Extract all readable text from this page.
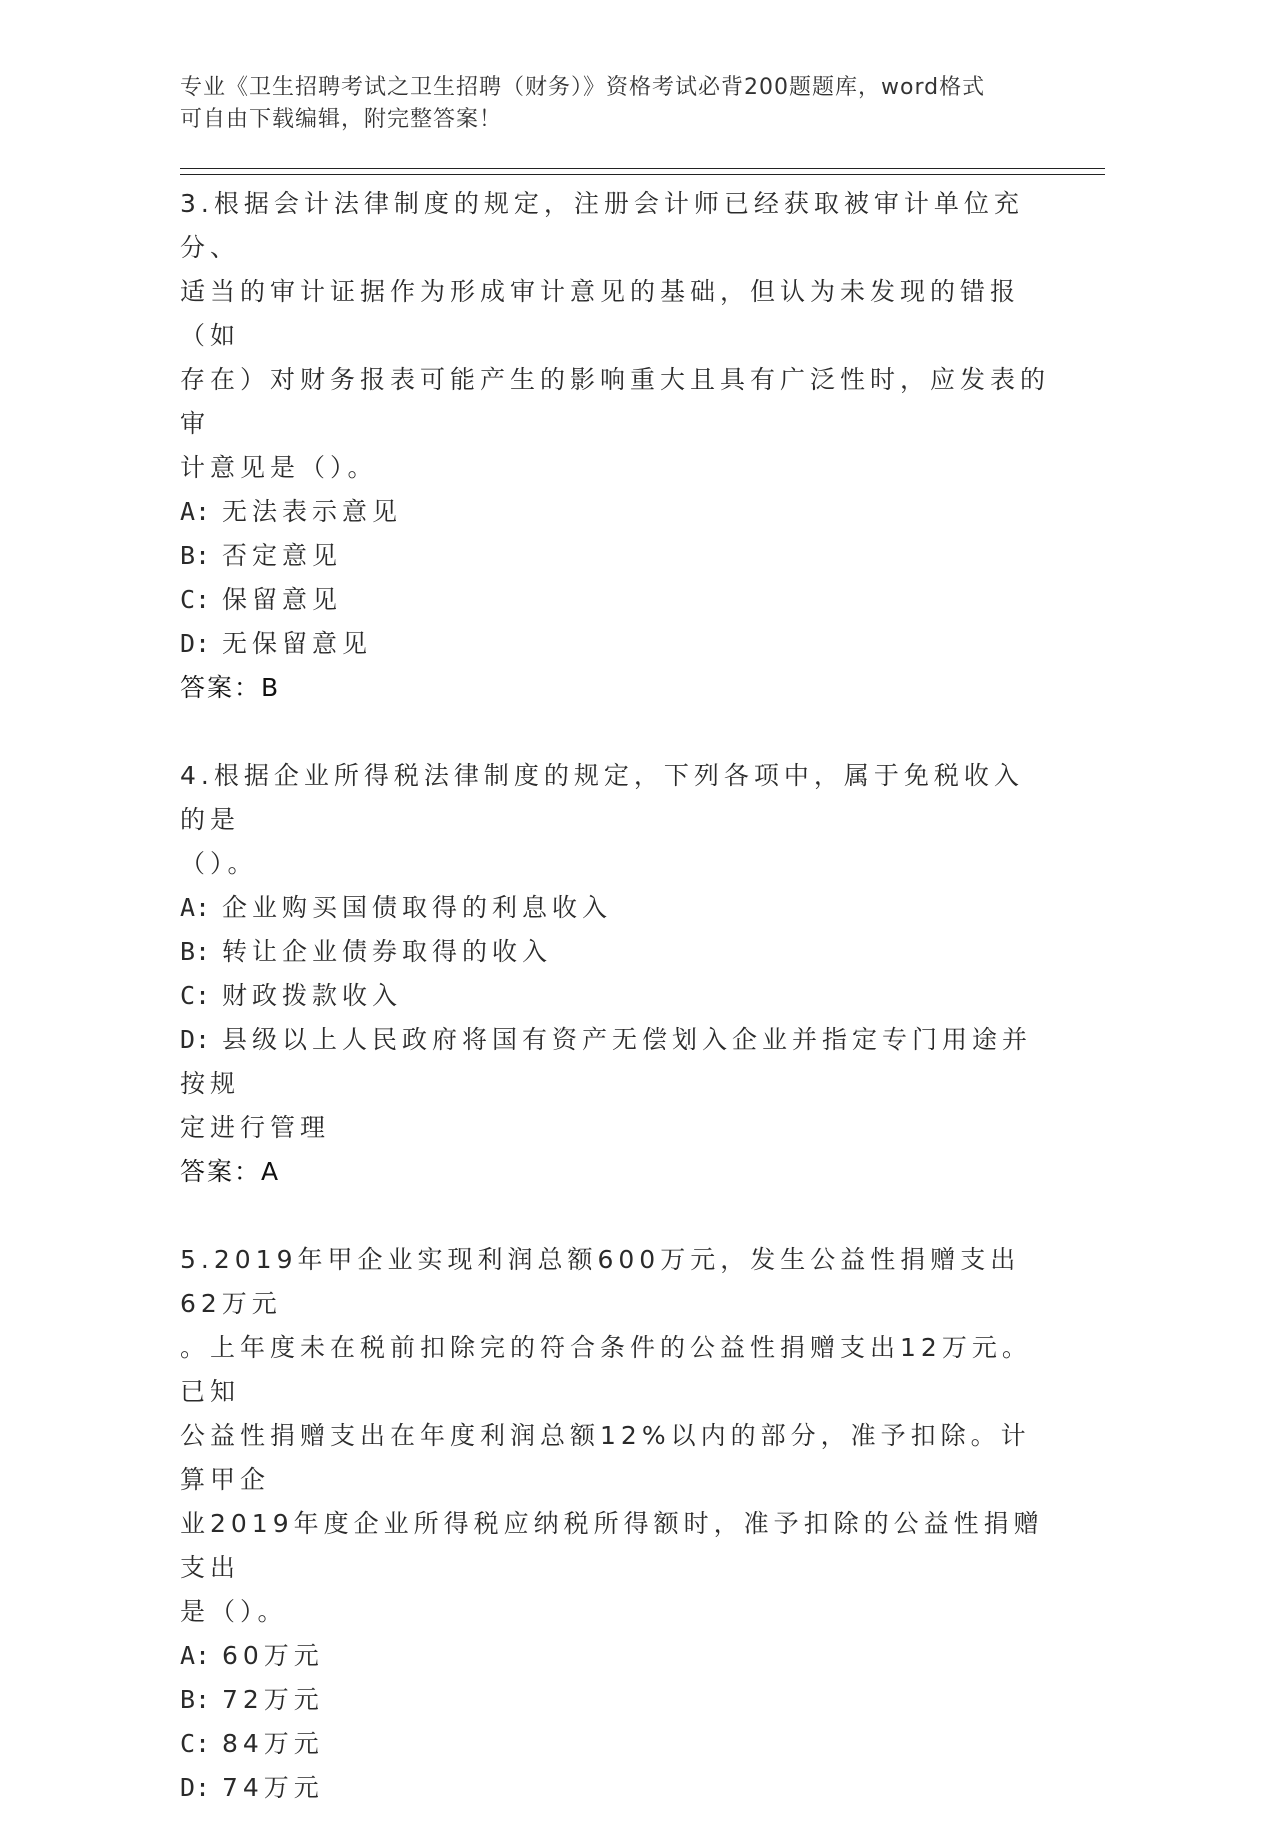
专业《卫生招聘考试之卫生招聘（财务）》资格考试必背200题题库，word格式
可自由下载编辑，附完整答案！
3.根据会计法律制度的规定，注册会计师已经获取被审计单位充分、
适当的审计证据作为形成审计意见的基础，但认为未发现的错报（如
存在）对财务报表可能产生的影响重大且具有广泛性时，应发表的审
计意见是（）。
A: 无法表示意见
B: 否定意见
C: 保留意见
D: 无保留意见
答案：B
4.根据企业所得税法律制度的规定，下列各项中，属于免税收入的是
（）。
A: 企业购买国债取得的利息收入
B: 转让企业债券取得的收入
C: 财政拨款收入
D: 县级以上人民政府将国有资产无偿划入企业并指定专门用途并按规
定进行管理
答案：A
5.2019年甲企业实现利润总额600万元，发生公益性捐赠支出62万元
。上年度未在税前扣除完的符合条件的公益性捐赠支出12万元。已知
公益性捐赠支出在年度利润总额12%以内的部分，准予扣除。计算甲企
业2019年度企业所得税应纳税所得额时，准予扣除的公益性捐赠支出
是（）。
A: 60万元
B: 72万元
C: 84万元
D: 74万元
